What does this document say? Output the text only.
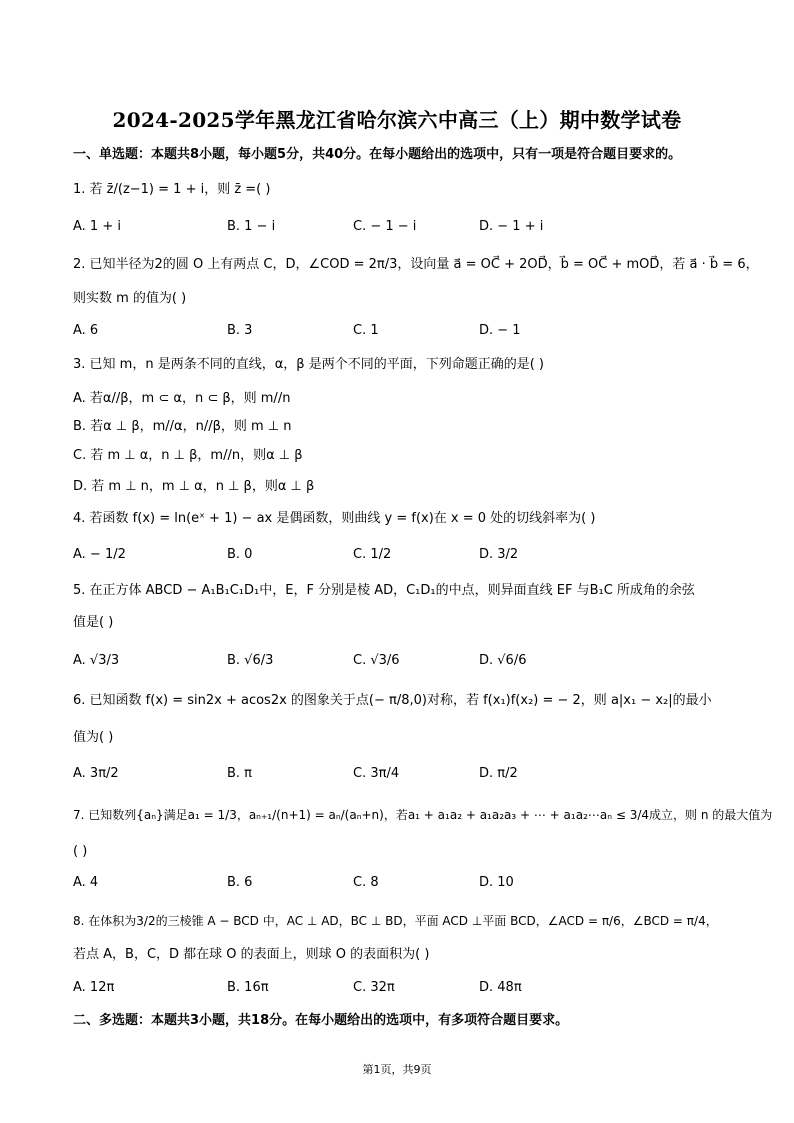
2024-2025学年黑龙江省哈尔滨六中高三（上）期中数学试卷
一、单选题：本题共8小题，每小题5分，共40分。在每小题给出的选项中，只有一项是符合题目要求的。
1. 若 z̄/(z−1) = 1 + i，则 z̄ =( )
A. 1 + i	B. 1 − i	C. − 1 − i	D. − 1 + i
2. 已知半径为2的圆 O 上有两点 C，D，∠COD = 2π/3，设向量 a⃗ = OC⃗ + 2OD⃗，b⃗ = OC⃗ + mOD⃗，若 a⃗ · b⃗ = 6，
则实数 m 的值为( )
A. 6	B. 3	C. 1	D. − 1
3. 已知 m，n 是两条不同的直线，α，β 是两个不同的平面，下列命题正确的是( )
A. 若α//β，m ⊂ α，n ⊂ β，则 m//n
B. 若α ⊥ β，m//α，n//β，则 m ⊥ n
C. 若 m ⊥ α，n ⊥ β，m//n，则α ⊥ β
D. 若 m ⊥ n，m ⊥ α，n ⊥ β，则α ⊥ β
4. 若函数 f(x) = ln(eˣ + 1) − ax 是偶函数，则曲线 y = f(x)在 x = 0 处的切线斜率为( )
A. − 1/2	B. 0	C. 1/2	D. 3/2
5. 在正方体 ABCD − A₁B₁C₁D₁中，E，F 分别是棱 AD，C₁D₁的中点，则异面直线 EF 与B₁C 所成角的余弦
值是( )
A. √3/3	B. √6/3	C. √3/6	D. √6/6
6. 已知函数 f(x) = sin2x + acos2x 的图象关于点(− π/8,0)对称，若 f(x₁)f(x₂) = − 2，则 a|x₁ − x₂|的最小
值为( )
A. 3π/2	B. π	C. 3π/4	D. π/2
7. 已知数列{aₙ}满足a₁ = 1/3，aₙ₊₁/(n+1) = aₙ/(aₙ+n)，若a₁ + a₁a₂ + a₁a₂a₃ + ⋯ + a₁a₂⋯aₙ ≤ 3/4成立，则 n 的最大值为
( )
A. 4	B. 6	C. 8	D. 10
8. 在体积为3/2的三棱锥 A − BCD 中，AC ⊥ AD，BC ⊥ BD，平面 ACD ⊥平面 BCD，∠ACD = π/6，∠BCD = π/4，
若点 A，B，C，D 都在球 O 的表面上，则球 O 的表面积为( )
A. 12π	B. 16π	C. 32π	D. 48π
二、多选题：本题共3小题，共18分。在每小题给出的选项中，有多项符合题目要求。
第1页，共9页
